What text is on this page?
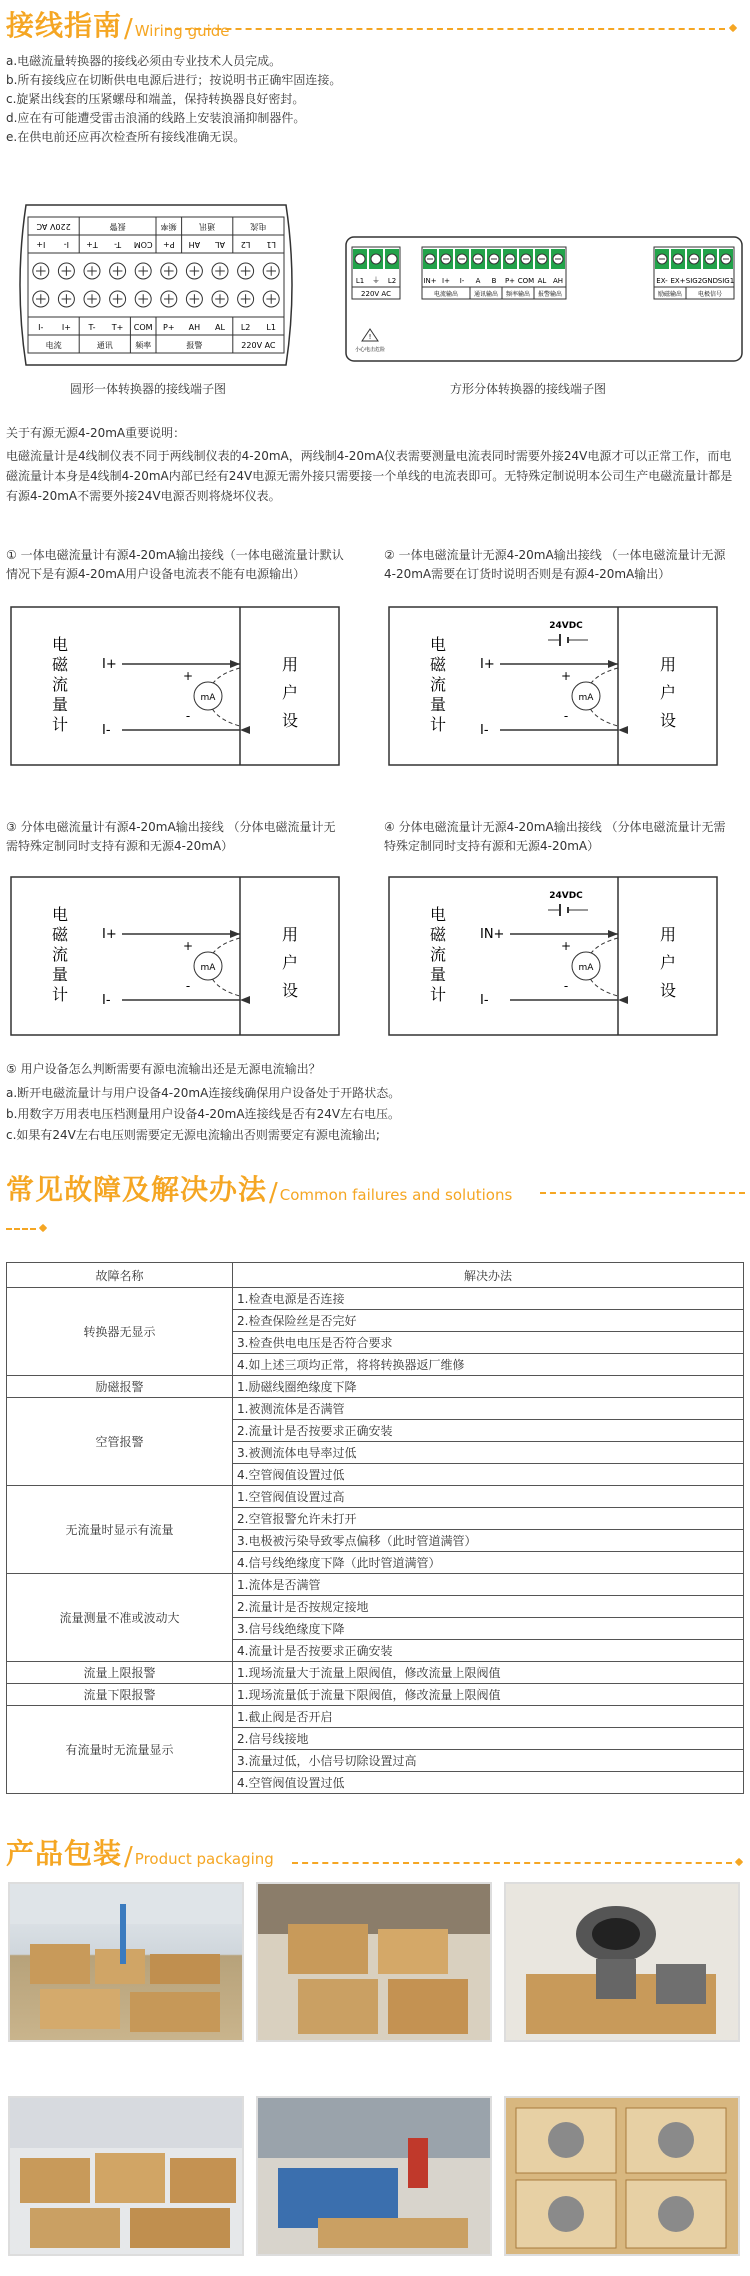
接线指南 / Wiring guide
a.电磁流量转换器的接线必须由专业技术人员完成。
b.所有接线应在切断供电电源后进行；按说明书正确牢固连接。
c.旋紧出线套的压紧螺母和端盖，保持转换器良好密封。
d.应在有可能遭受雷击浪涌的线路上安装浪涌抑制器件。
e.在供电前还应再次检查所有接线准确无误。
I-
I+
I+
I-
T-
T+
T+
T-
COM
COM
P+
P+
AH
AH
AL
AL
L2
L2
L1
L1
电流
电流
通讯
通讯
频率
频率
报警
报警
220V AC
220V AC
圆形一体转换器的接线端子图
L1 ⏚ L2
220V AC
IN+ I+ I- A B P+ COM AL AH
电流输出	通讯输出 频率输出 报警输出
EX- EX+ SIG2 GND SIG1
励磁输出	电极信号
!
小心电击危险
方形分体转换器的接线端子图
关于有源无源4-20mA重要说明：
电磁流量计是4线制仪表不同于两线制仪表的4-20mA，两线制4-20mA仪表需要测量电流表同时需要外接24V电源才可以正常工作，而电磁流量计本身是4线制4-20mA内部已经有24V电源无需外接只需要接一个单线的电流表即可。无特殊定制说明本公司生产电磁流量计都是有源4-20mA不需要外接24V电源否则将烧坏仪表。
① 一体电磁流量计有源4-20mA输出接线（一体电磁流量计默认情况下是有源4-20mA用户设备电流表不能有电源输出）
② 一体电磁流量计无源4-20mA输出接线 （一体电磁流量计无源4-20mA需要在订货时说明否则是有源4-20mA输出）
③ 分体电磁流量计有源4-20mA输出接线 （分体电磁流量计无需特殊定制同时支持有源和无源4-20mA）
④ 分体电磁流量计无源4-20mA输出接线 （分体电磁流量计无需特殊定制同时支持有源和无源4-20mA）
电
磁
流
量
计
用
户
设
I+
I-
mA
+
-
电
磁
流
量
计
用
户
设
I+
I-
mA
+
-
24VDC
电
磁
流
量
计
用
户
设
I+
I-
mA
+
-
电
磁
流
量
计
用
户
设
IN+
I-
mA
+
-
24VDC
⑤ 用户设备怎么判断需要有源电流输出还是无源电流输出？
a.断开电磁流量计与用户设备4-20mA连接线确保用户设备处于开路状态。
b.用数字万用表电压档测量用户设备4-20mA连接线是否有24V左右电压。
c.如果有24V左右电压则需要定无源电流输出否则需要定有源电流输出;
常见故障及解决办法 / Common failures and solutions
故障名称	解决办法
转换器无显示	1.检查电源是否连接
	2.检查保险丝是否完好
	3.检查供电电压是否符合要求
	4.如上述三项均正常，将将转换器返厂维修
励磁报警	1.励磁线圈绝缘度下降
空管报警	1.被测流体是否满管
	2.流量计是否按要求正确安装
	3.被测流体电导率过低
	4.空管阀值设置过低
无流量时显示有流量	1.空管阀值设置过高
	2.空管报警允许未打开
	3.电极被污染导致零点偏移（此时管道满管）
	4.信号线绝缘度下降（此时管道满管）
流量测量不准或波动大	1.流体是否满管
	2.流量计是否按规定接地
	3.信号线绝缘度下降
	4.流量计是否按要求正确安装
流量上限报警	1.现场流量大于流量上限阀值，修改流量上限阀值
流量下限报警	1.现场流量低于流量下限阀值，修改流量上限阀值
有流量时无流量显示	1.截止阀是否开启
	2.信号线接地
	3.流量过低，小信号切除设置过高
	4.空管阀值设置过低
产品包装 / Product packaging
